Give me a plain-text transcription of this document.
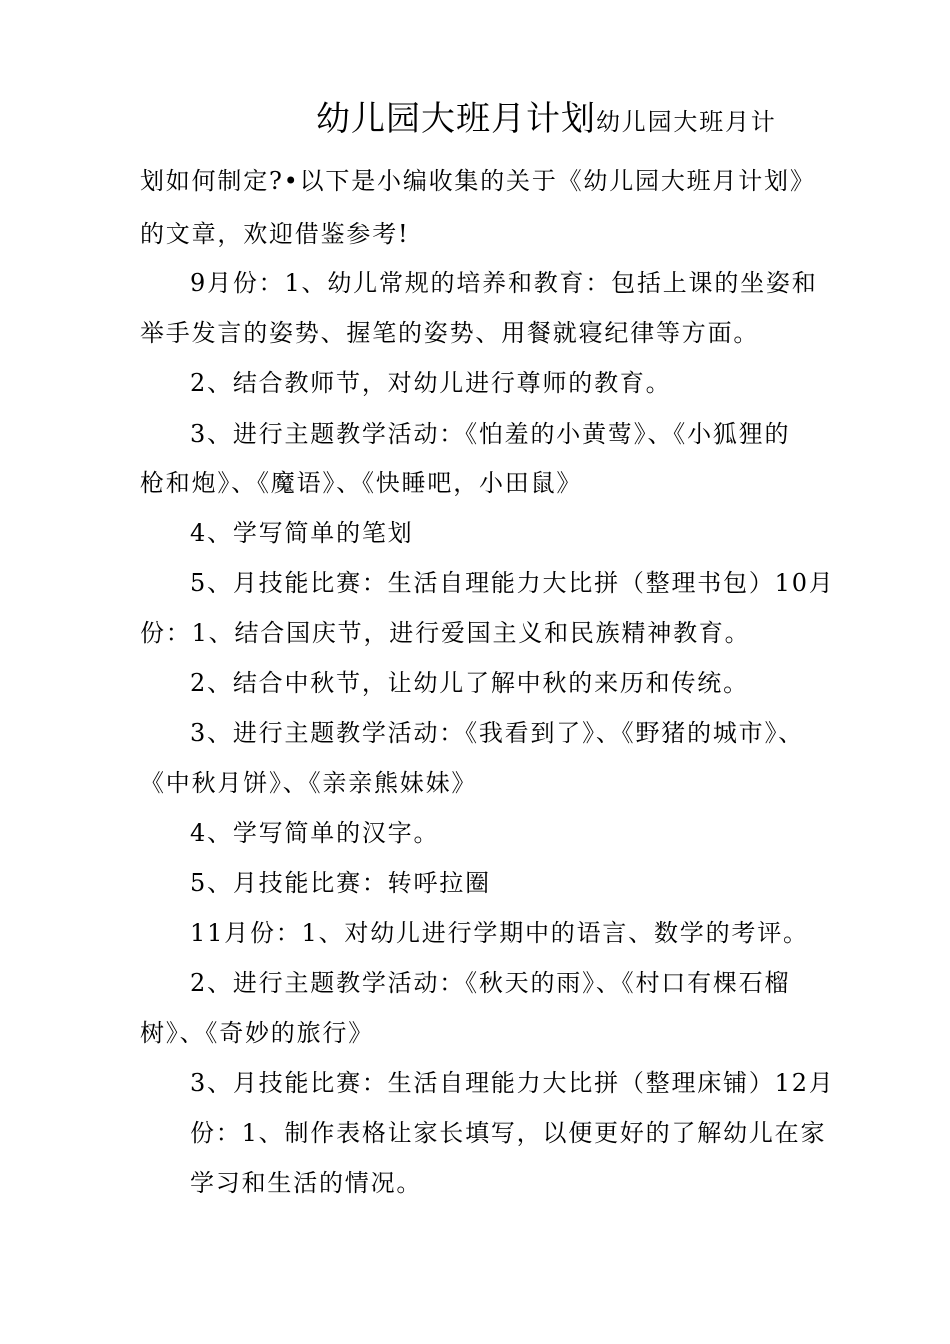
幼儿园大班月计划幼儿园大班月计
划如何制定?•以下是小编收集的关于《幼儿园大班月计划》
的文章，欢迎借鉴参考!
9月份：1、幼儿常规的培养和教育：包括上课的坐姿和
举手发言的姿势、握笔的姿势、用餐就寝纪律等方面。
2、结合教师节，对幼儿进行尊师的教育。
3、进行主题教学活动：《怕羞的小黄莺》、《小狐狸的
枪和炮》、《魔语》、《快睡吧，小田鼠》
4、学写简单的笔划
5、月技能比赛：生活自理能力大比拼（整理书包）10月
份：1、结合国庆节，进行爱国主义和民族精神教育。
2、结合中秋节，让幼儿了解中秋的来历和传统。
3、进行主题教学活动：《我看到了》、《野猪的城市》、
《中秋月饼》、《亲亲熊妹妹》
4、学写简单的汉字。
5、月技能比赛：转呼拉圈
11月份：1、对幼儿进行学期中的语言、数学的考评。
2、进行主题教学活动：《秋天的雨》、《村口有棵石榴
树》、《奇妙的旅行》
3、月技能比赛：生活自理能力大比拼（整理床铺）12月
份：1、制作表格让家长填写，以便更好的了解幼儿在家
学习和生活的情况。
